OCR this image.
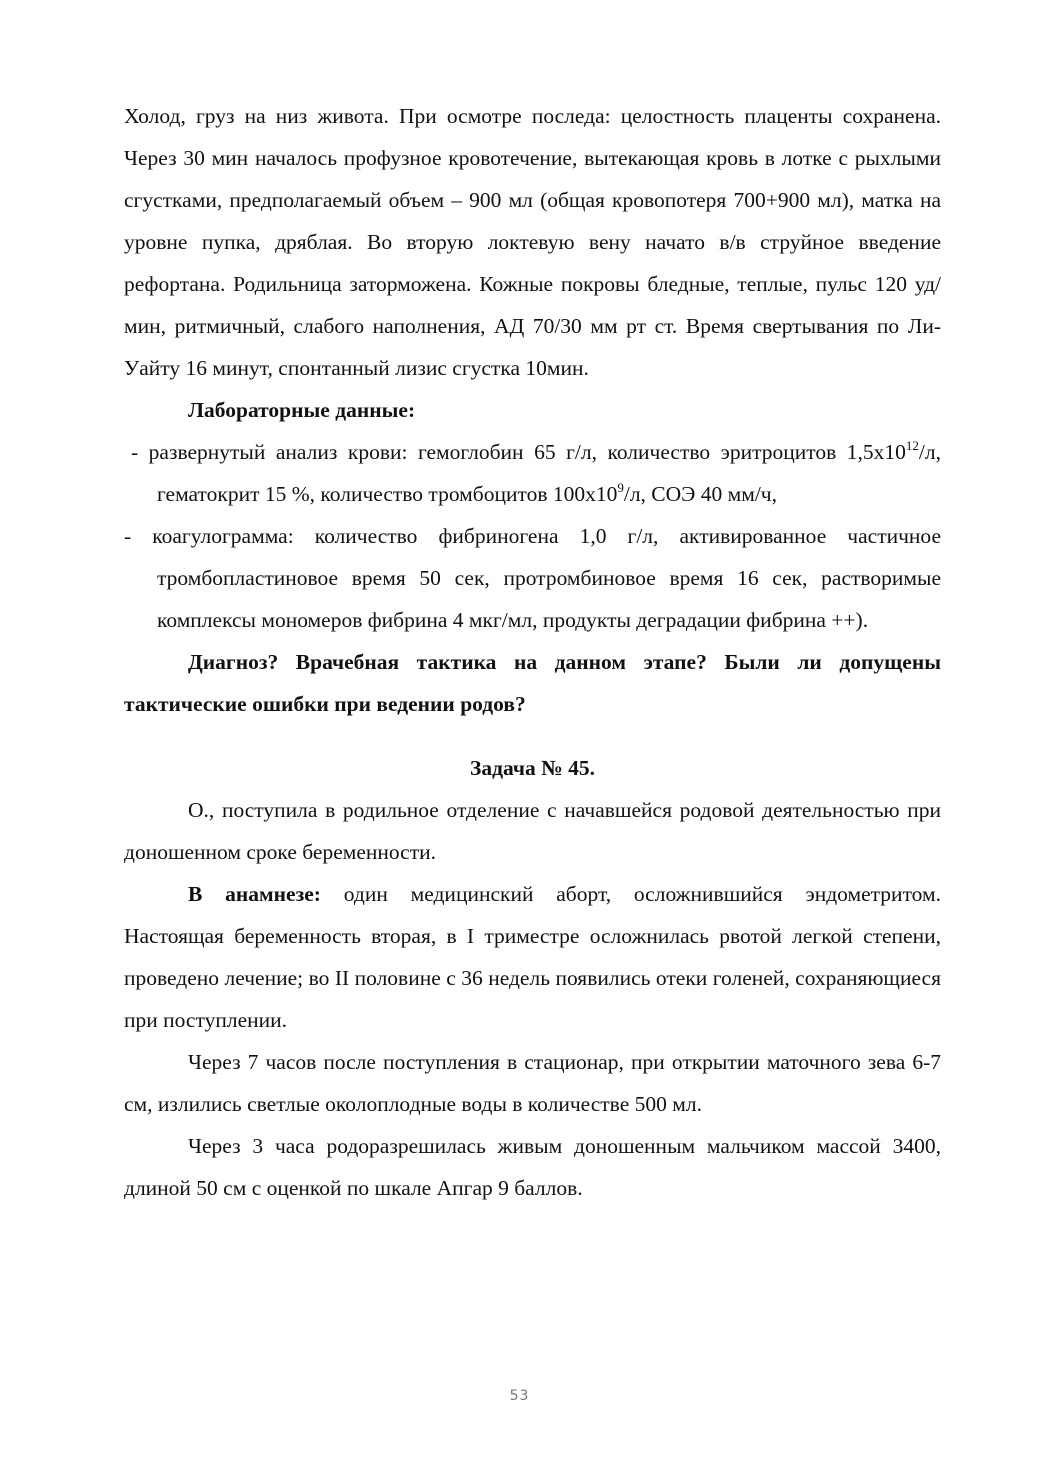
Холод, груз на низ живота. При осмотре последа: целостность плаценты сохранена. Через 30 мин началось профузное кровотечение, вытекающая кровь в лотке с рыхлыми сгустками, предполагаемый объем – 900 мл (общая кровопотеря 700+900 мл), матка на уровне пупка, дряблая. Во вторую локтевую вену начато в/в струйное введение рефортана. Родильница заторможена. Кожные покровы бледные, теплые, пульс 120 уд/мин, ритмичный, слабого наполнения, АД 70/30 мм рт ст. Время свертывания по Ли-Уайту 16 минут, спонтанный лизис сгустка 10мин.

Лабораторные данные:

- развернутый анализ крови: гемоглобин 65 г/л, количество эритроцитов $1,5х10^{12}/л$, гематокрит 15 %, количество тромбоцитов $100х10^9/л$, СОЭ 40 мм/ч,

- коагулограмма: количество фибриногена 1,0 г/л, активированное частичное тромбопластиновое время 50 сек, протромбиновое время 16 сек, растворимые комплексы мономеров фибрина 4 мкг/мл, продукты деградации фибрина ++).

Диагноз? Врачебная тактика на данном этапе? Были ли допущены тактические ошибки при ведении родов?

Задача № 45.

О., поступила в родильное отделение с начавшейся родовой деятельностью при доношенном сроке беременности.

В анамнезе: один медицинский аборт, осложнившийся эндометритом. Настоящая беременность вторая, в I триместре осложнилась рвотой легкой степени, проведено лечение; во II половине с 36 недель появились отеки голеней, сохраняющиеся при поступлении.

Через 7 часов после поступления в стационар, при открытии маточного зева 6-7 см, излились светлые околоплодные воды в количестве 500 мл.

Через 3 часа родоразрешилась живым доношенным мальчиком массой 3400, длиной 50 см с оценкой по шкале Апгар 9 баллов.

53
